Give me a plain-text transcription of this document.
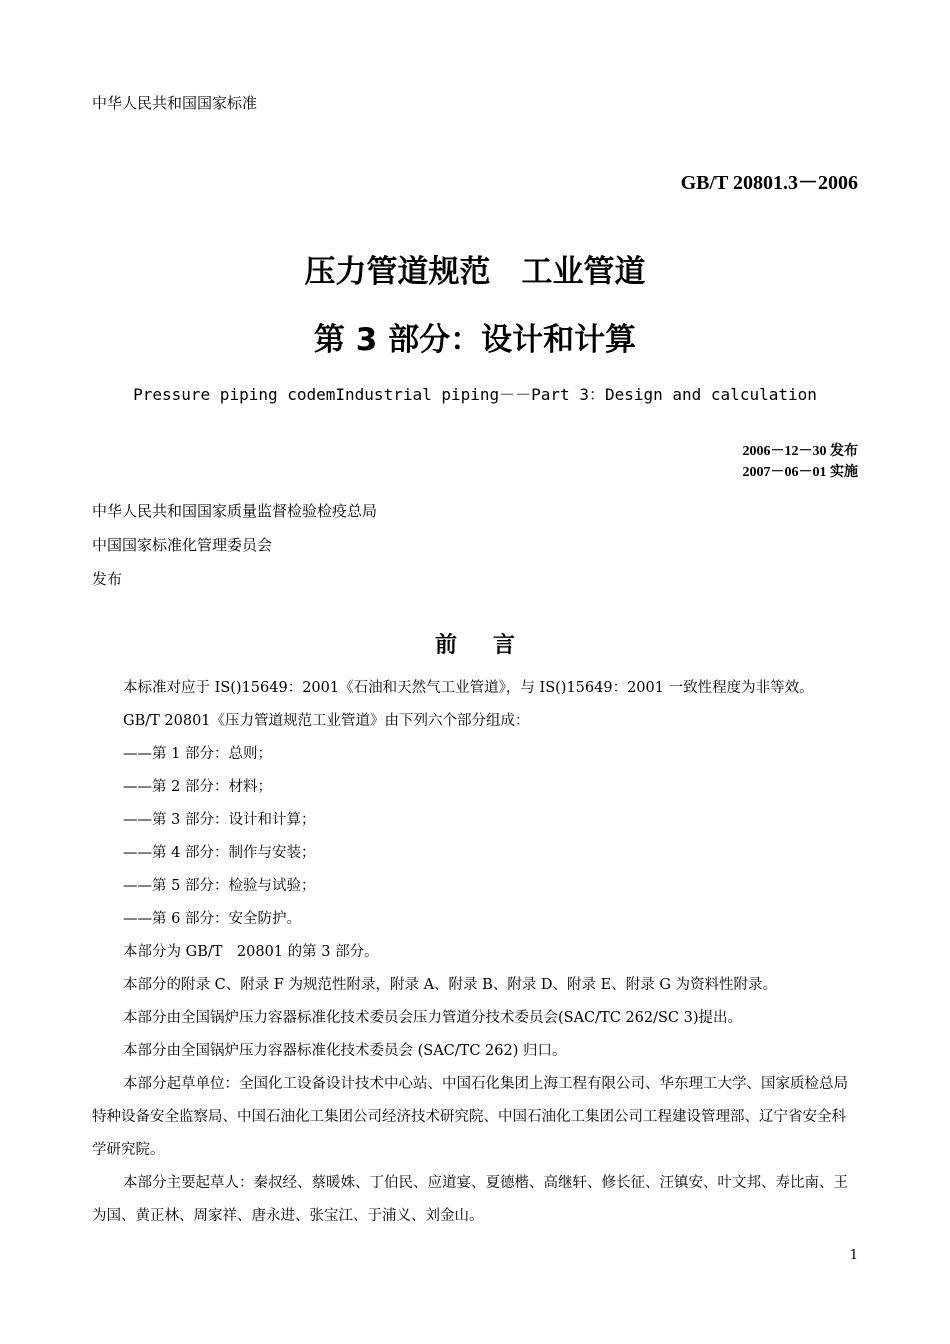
中华人民共和国国家标准
GB/T 20801.3－2006
压力管道规范　工业管道
第 3 部分：设计和计算
Pressure piping codemIndustrial piping－－Part 3：Design and calculation
2006－12－30 发布
2007－06－01 实施
中华人民共和国国家质量监督检验检疫总局
中国国家标准化管理委员会
发布
前言
本标准对应于 IS()15649：2001《石油和天然气工业管道》，与 IS()15649：2001 一致性程度为非等效。
GB/T 20801《压力管道规范工业管道》由下列六个部分组成：
——第 1 部分：总则；
——第 2 部分：材料；
——第 3 部分：设计和计算；
——第 4 部分：制作与安装；
——第 5 部分：检验与试验；
——第 6 部分：安全防护。
本部分为 GB/T　20801 的第 3 部分。
本部分的附录 C、附录 F 为规范性附录，附录 A、附录 B、附录 D、附录 E、附录 G 为资料性附录。
本部分由全国锅炉压力容器标准化技术委员会压力管道分技术委员会(SAC/TC 262/SC 3)提出。
本部分由全国锅炉压力容器标准化技术委员会 (SAC/TC 262) 归口。
本部分起草单位：全国化工设备设计技术中心站、中国石化集团上海工程有限公司、华东理工大学、国家质检总局特种设备安全监察局、中国石油化工集团公司经济技术研究院、中国石油化工集团公司工程建设管理部、辽宁省安全科学研究院。
本部分主要起草人：秦叔经、蔡暖姝、丁伯民、应道宴、夏德楷、高继轩、修长征、汪镇安、叶文邦、寿比南、王为国、黄正林、周家祥、唐永进、张宝江、于浦义、刘金山。
1
